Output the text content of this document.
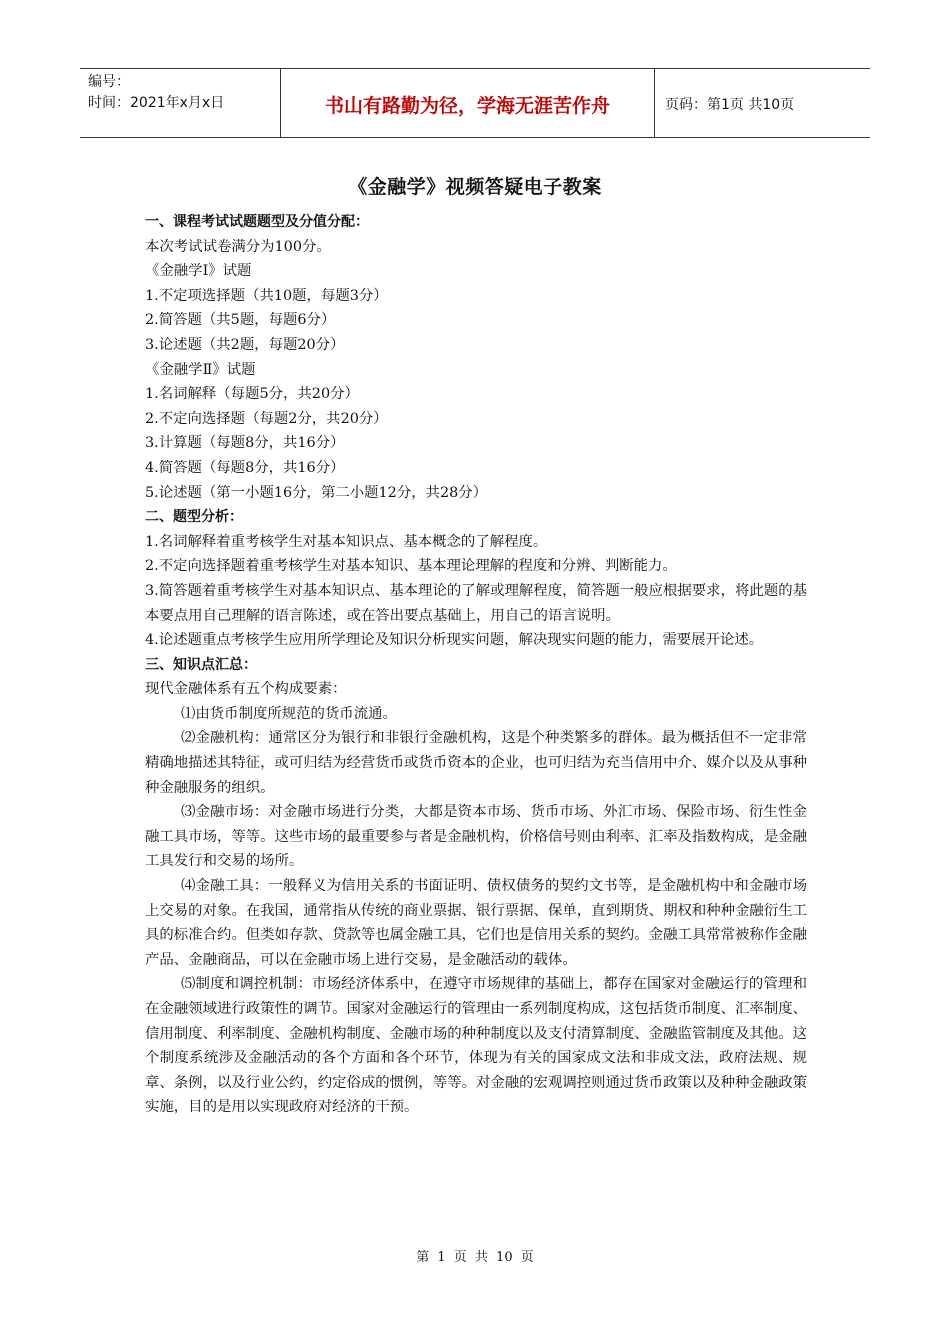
编号：
时间：2021年x月x日	书山有路勤为径，学海无涯苦作舟	页码：第1页 共10页
《金融学》视频答疑电子教案

一、课程考试试题题型及分值分配：

本次考试试卷满分为100分。

《金融学Ⅰ》试题

1.不定项选择题（共10题，每题3分）

2.简答题（共5题，每题6分）

3.论述题（共2题，每题20分）

《金融学Ⅱ》试题

1.名词解释（每题5分，共20分）

2.不定向选择题（每题2分，共20分）

3.计算题（每题8分，共16分）

4.简答题（每题8分，共16分）

5.论述题（第一小题16分，第二小题12分，共28分）

二、题型分析：

1.名词解释着重考核学生对基本知识点、基本概念的了解程度。

2.不定向选择题着重考核学生对基本知识、基本理论理解的程度和分辨、判断能力。

3.简答题着重考核学生对基本知识点、基本理论的了解或理解程度，简答题一般应根据要求，将此题的基本要点用自己理解的语言陈述，或在答出要点基础上，用自己的语言说明。

4.论述题重点考核学生应用所学理论及知识分析现实问题，解决现实问题的能力，需要展开论述。

三、知识点汇总：

现代金融体系有五个构成要素：

⑴由货币制度所规范的货币流通。

⑵金融机构：通常区分为银行和非银行金融机构，这是个种类繁多的群体。最为概括但不一定非常精确地描述其特征，或可归结为经营货币或货币资本的企业，也可归结为充当信用中介、媒介以及从事种种金融服务的组织。

⑶金融市场：对金融市场进行分类，大都是资本市场、货币市场、外汇市场、保险市场、衍生性金融工具市场，等等。这些市场的最重要参与者是金融机构，价格信号则由利率、汇率及指数构成，是金融工具发行和交易的场所。

⑷金融工具：一般释义为信用关系的书面证明、债权债务的契约文书等，是金融机构中和金融市场上交易的对象。在我国，通常指从传统的商业票据、银行票据、保单，直到期货、期权和种种金融衍生工具的标准合约。但类如存款、贷款等也属金融工具，它们也是信用关系的契约。金融工具常常被称作金融产品、金融商品，可以在金融市场上进行交易，是金融活动的载体。

⑸制度和调控机制：市场经济体系中，在遵守市场规律的基础上，都存在国家对金融运行的管理和在金融领域进行政策性的调节。国家对金融运行的管理由一系列制度构成，这包括货币制度、汇率制度、信用制度、利率制度、金融机构制度、金融市场的种种制度以及支付清算制度、金融监管制度及其他。这个制度系统涉及金融活动的各个方面和各个环节，体现为有关的国家成文法和非成文法，政府法规、规章、条例，以及行业公约，约定俗成的惯例，等等。对金融的宏观调控则通过货币政策以及种种金融政策实施，目的是用以实现政府对经济的干预。

第 1 页 共 10 页
